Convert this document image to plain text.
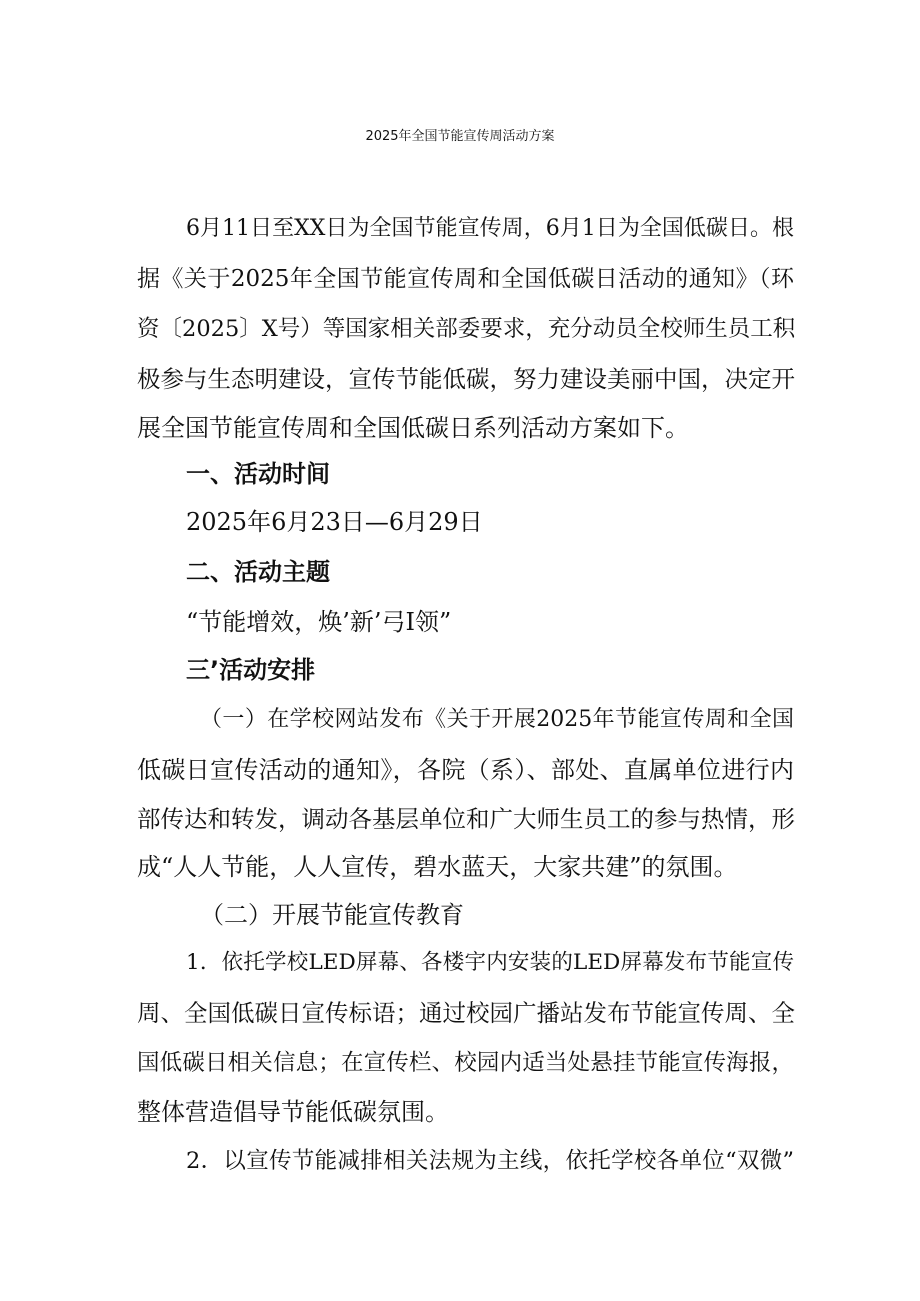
2025年全国节能宣传周活动方案
6月11日至XX日为全国节能宣传周，6月1日为全国低碳日。根
据《关于2025年全国节能宣传周和全国低碳日活动的通知》（环
资〔2025〕X号）等国家相关部委要求，充分动员全校师生员工积
极参与生态明建设，宣传节能低碳，努力建设美丽中国，决定开
展全国节能宣传周和全国低碳日系列活动方案如下。
一、活动时间
2025年6月23日—6月29日
二、活动主题
“节能增效，焕’新’弓I领”
三’活动安排
（一）在学校网站发布《关于开展2025年节能宣传周和全国
低碳日宣传活动的通知》，各院（系）、部处、直属单位进行内
部传达和转发，调动各基层单位和广大师生员工的参与热情，形
成“人人节能，人人宣传，碧水蓝天，大家共建”的氛围。
（二）开展节能宣传教育
1．依托学校LED屏幕、各楼宇内安装的LED屏幕发布节能宣传
周、全国低碳日宣传标语；通过校园广播站发布节能宣传周、全
国低碳日相关信息；在宣传栏、校园内适当处悬挂节能宣传海报，
整体营造倡导节能低碳氛围。
2．以宣传节能减排相关法规为主线，依托学校各单位“双微”
